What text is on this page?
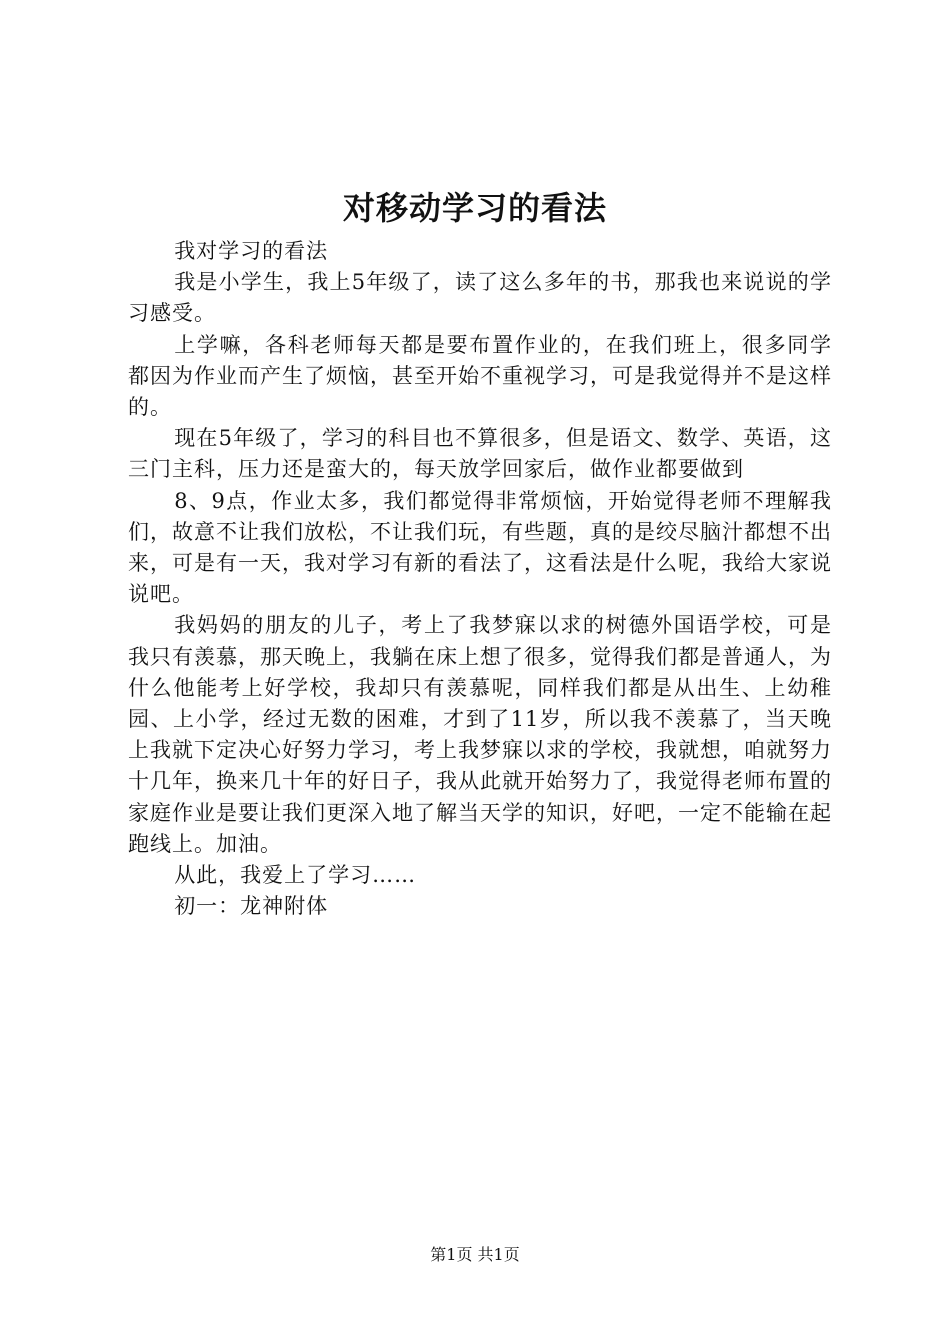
对移动学习的看法

我对学习的看法

我是小学生，我上5年级了，读了这么多年的书，那我也来说说的学习感受。

上学嘛，各科老师每天都是要布置作业的，在我们班上，很多同学都因为作业而产生了烦恼，甚至开始不重视学习，可是我觉得并不是这样的。

现在5年级了，学习的科目也不算很多，但是语文、数学、英语，这三门主科，压力还是蛮大的，每天放学回家后，做作业都要做到

8、9点，作业太多，我们都觉得非常烦恼，开始觉得老师不理解我们，故意不让我们放松，不让我们玩，有些题，真的是绞尽脑汁都想不出来，可是有一天，我对学习有新的看法了，这看法是什么呢，我给大家说说吧。

我妈妈的朋友的儿子，考上了我梦寐以求的树德外国语学校，可是我只有羡慕，那天晚上，我躺在床上想了很多，觉得我们都是普通人，为什么他能考上好学校，我却只有羡慕呢，同样我们都是从出生、上幼稚园、上小学，经过无数的困难，才到了11岁，所以我不羡慕了，当天晚上我就下定决心好努力学习，考上我梦寐以求的学校，我就想，咱就努力十几年，换来几十年的好日子，我从此就开始努力了，我觉得老师布置的家庭作业是要让我们更深入地了解当天学的知识，好吧，一定不能输在起跑线上。加油。

从此，我爱上了学习……

初一：龙神附体

第1页 共1页
